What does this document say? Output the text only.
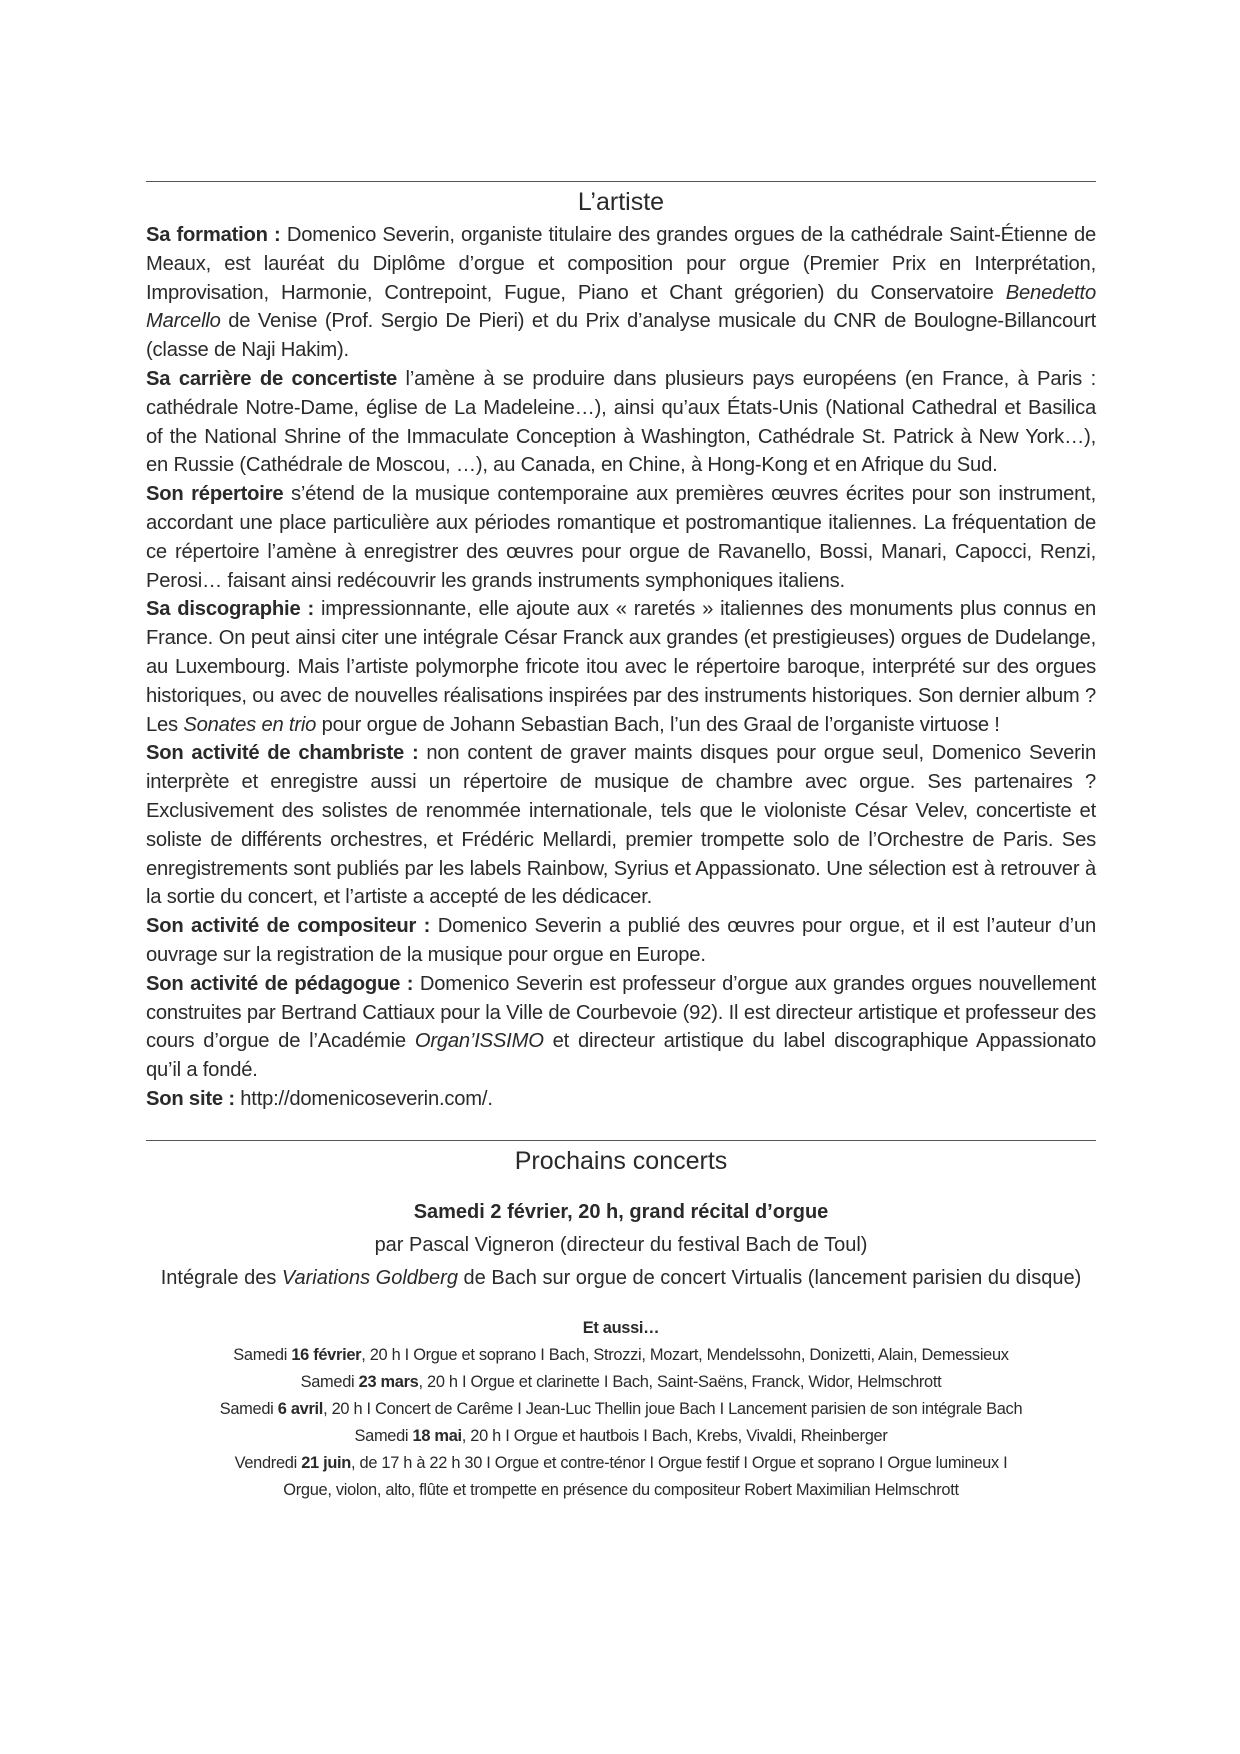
L’artiste

Sa formation : Domenico Severin, organiste titulaire des grandes orgues de la cathédrale Saint-Étienne de Meaux, est lauréat du Diplôme d’orgue et composition pour orgue (Premier Prix en Interprétation, Improvisation, Harmonie, Contrepoint, Fugue, Piano et Chant grégorien) du Conservatoire Benedetto Marcello de Venise (Prof. Sergio De Pieri) et du Prix d’analyse musicale du CNR de Boulogne-Billancourt (classe de Naji Hakim).

Sa carrière de concertiste l’amène à se produire dans plusieurs pays européens (en France, à Paris : cathédrale Notre-Dame, église de La Madeleine…), ainsi qu’aux États-Unis (National Cathedral et Basilica of the National Shrine of the Immaculate Conception à Washington, Cathédrale St. Patrick à New York…), en Russie (Cathédrale de Moscou, …), au Canada, en Chine, à Hong-Kong et en Afrique du Sud.

Son répertoire s’étend de la musique contemporaine aux premières œuvres écrites pour son instrument, accordant une place particulière aux périodes romantique et postromantique italiennes. La fréquentation de ce répertoire l’amène à enregistrer des œuvres pour orgue de Ravanello, Bossi, Manari, Capocci, Renzi, Perosi… faisant ainsi redécouvrir les grands instruments symphoniques italiens.

Sa discographie : impressionnante, elle ajoute aux « raretés » italiennes des monuments plus connus en France. On peut ainsi citer une intégrale César Franck aux grandes (et prestigieuses) orgues de Dudelange, au Luxembourg. Mais l’artiste polymorphe fricote itou avec le répertoire baroque, interprété sur des orgues historiques, ou avec de nouvelles réalisations inspirées par des instruments historiques. Son dernier album ? Les Sonates en trio pour orgue de Johann Sebastian Bach, l’un des Graal de l’organiste virtuose !

Son activité de chambriste : non content de graver maints disques pour orgue seul, Domenico Severin interprète et enregistre aussi un répertoire de musique de chambre avec orgue. Ses partenaires ? Exclusivement des solistes de renommée internationale, tels que le violoniste César Velev, concertiste et soliste de différents orchestres, et Frédéric Mellardi, premier trompette solo de l’Orchestre de Paris. Ses enregistrements sont publiés par les labels Rainbow, Syrius et Appassionato. Une sélection est à retrouver à la sortie du concert, et l’artiste a accepté de les dédicacer.

Son activité de compositeur : Domenico Severin a publié des œuvres pour orgue, et il est l’auteur d’un ouvrage sur la registration de la musique pour orgue en Europe.

Son activité de pédagogue : Domenico Severin est professeur d’orgue aux grandes orgues nouvellement construites par Bertrand Cattiaux pour la Ville de Courbevoie (92). Il est directeur artistique et professeur des cours d’orgue de l’Académie Organ’ISSIMO et directeur artistique du label discographique Appassionato qu’il a fondé.

Son site : http://domenicoseverin.com/.

Prochains concerts
Samedi 2 février, 20 h, grand récital d’orgue
par Pascal Vigneron (directeur du festival Bach de Toul)
Intégrale des Variations Goldberg de Bach sur orgue de concert Virtualis (lancement parisien du disque)
Et aussi…
Samedi 16 février, 20 h I Orgue et soprano I Bach, Strozzi, Mozart, Mendelssohn, Donizetti, Alain, Demessieux
Samedi 23 mars, 20 h I Orgue et clarinette I Bach, Saint-Saëns, Franck, Widor, Helmschrott
Samedi 6 avril, 20 h I Concert de Carême I Jean-Luc Thellin joue Bach I Lancement parisien de son intégrale Bach
Samedi 18 mai, 20 h I Orgue et hautbois I Bach, Krebs, Vivaldi, Rheinberger
Vendredi 21 juin, de 17 h à 22 h 30 I Orgue et contre-ténor I Orgue festif I Orgue et soprano I Orgue lumineux I
Orgue, violon, alto, flûte et trompette en présence du compositeur Robert Maximilian Helmschrott
